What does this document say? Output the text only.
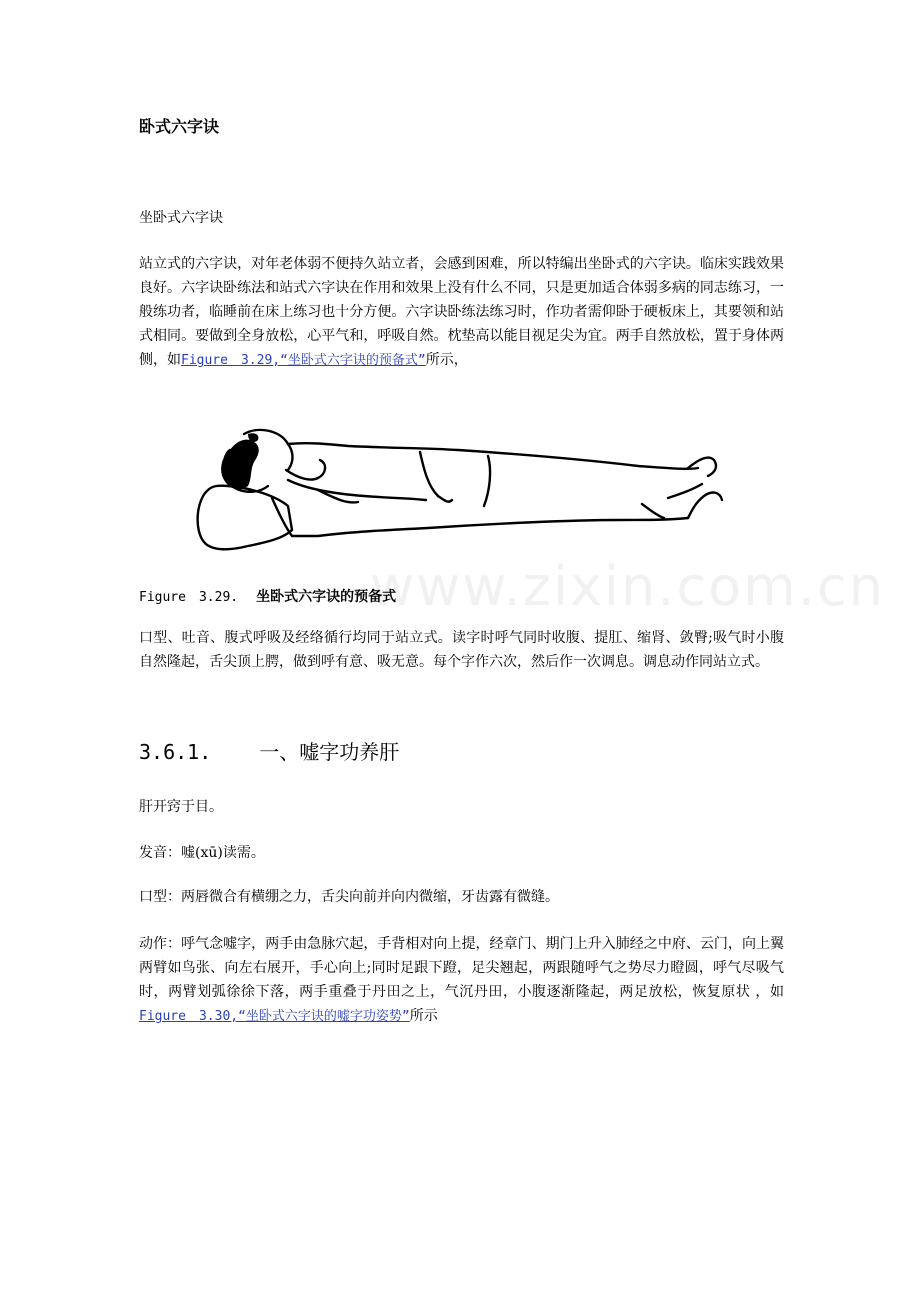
卧式六字诀

坐卧式六字诀

站立式的六字诀，对年老体弱不便持久站立者，会感到困难，所以特编出坐卧式的六字诀。临床实践效果良好。六字诀卧练法和站式六字诀在作用和效果上没有什么不同，只是更加适合体弱多病的同志练习，一般练功者，临睡前在床上练习也十分方便。六字诀卧练法练习时，作功者需仰卧于硬板床上，其要领和站式相同。要做到全身放松，心平气和，呼吸自然。枕垫高以能目视足尖为宜。两手自然放松，置于身体两侧，如Figure　3.29,“坐卧式六字诀的预备式”所示，

Figure　3.29. 坐卧式六字诀的预备式

口型、吐音、腹式呼吸及经络循行均同于站立式。读字时呼气同时收腹、提肛、缩肾、敛臀;吸气时小腹自然隆起，舌尖顶上腭，做到呼有意、吸无意。每个字作六次，然后作一次调息。调息动作同站立式。

3.6.1. 一、嘘字功养肝

肝开窍于目。

发音：嘘(xū)读需。

口型：两唇微合有横绷之力，舌尖向前并向内微缩，牙齿露有微缝。

动作：呼气念嘘字，两手由急脉穴起，手背相对向上提，经章门、期门上升入肺经之中府、云门，向上翼两臂如鸟张、向左右展开，手心向上;同时足跟下蹬，足尖翘起，两跟随呼气之势尽力瞪圆，呼气尽吸气时，两臂划弧徐徐下落，两手重叠于丹田之上，气沉丹田，小腹逐渐隆起，两足放松，恢复原状 ，如Figure　3.30,“坐卧式六字诀的嘘字功姿势”所示

www.zixin.com.cn
